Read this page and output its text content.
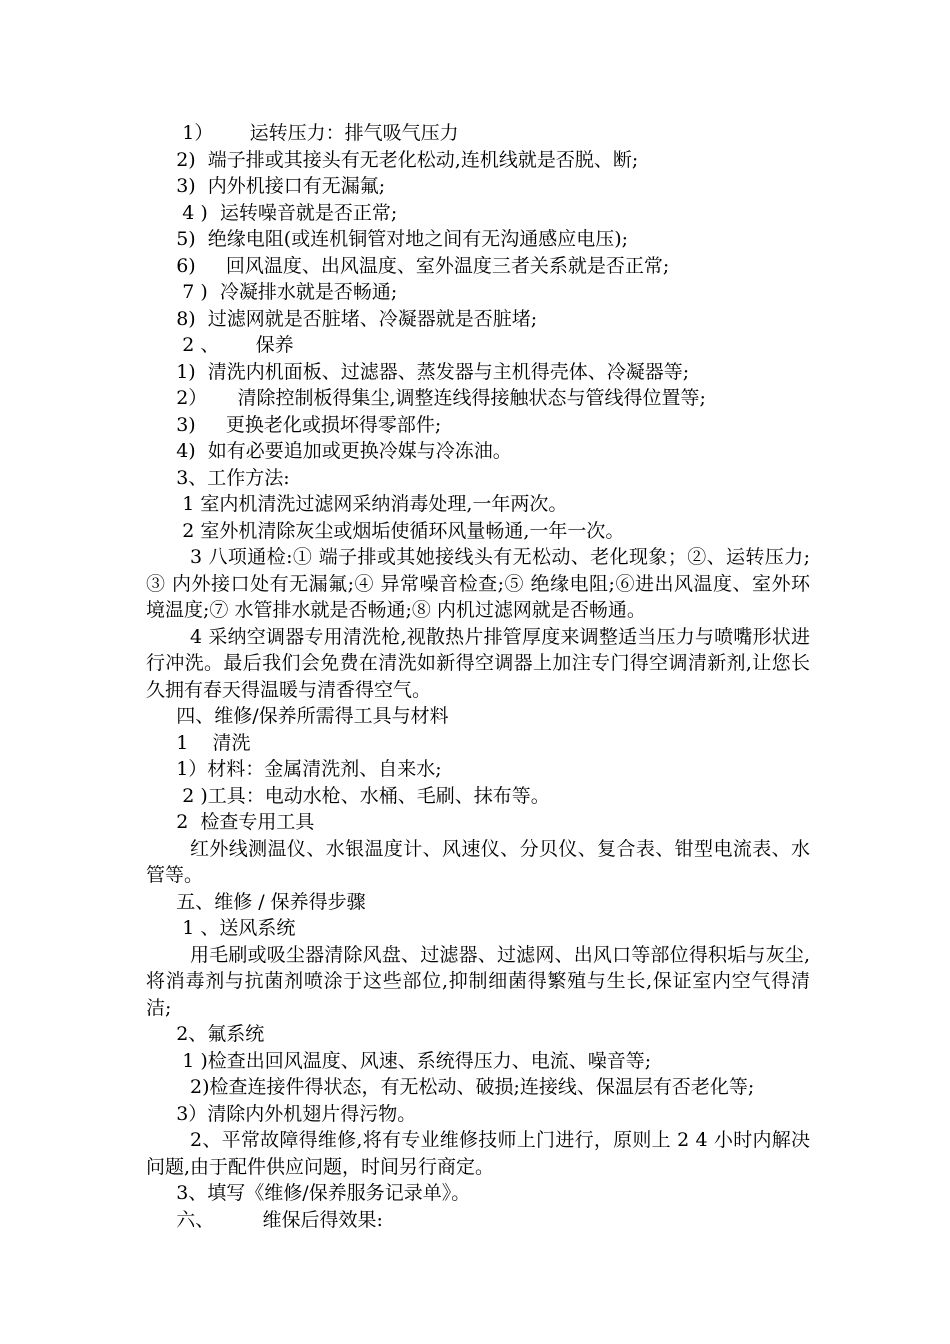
1）      运转压力：排气吸气压力
2)  端子排或其接头有无老化松动,连机线就是否脱、断;
3)  内外机接口有无漏氟;
4 )  运转噪音就是否正常;
5)  绝缘电阻(或连机铜管对地之间有无沟通感应电压);
6)     回风温度、出风温度、室外温度三者关系就是否正常;
7 )  冷凝排水就是否畅通;
8)  过滤网就是否脏堵、冷凝器就是否脏堵;
2 、      保养
1)  清洗内机面板、过滤器、蒸发器与主机得壳体、冷凝器等;
2）     清除控制板得集尘,调整连线得接触状态与管线得位置等;
3)     更换老化或损坏得零部件;
4)  如有必要追加或更换冷媒与冷冻油。
3、工作方法:
1 室内机清洗过滤网采纳消毒处理,一年两次。
2 室外机清除灰尘或烟垢使循环风量畅通,一年一次。
3 八项通检:① 端子排或其她接线头有无松动、老化现象；②、运转压力;③ 内外接口处有无漏氟;④ 异常噪音检查;⑤ 绝缘电阻;⑥进出风温度、室外环境温度;⑦ 水管排水就是否畅通;⑧ 内机过滤网就是否畅通。
4 采纳空调器专用清洗枪,视散热片排管厚度来调整适当压力与喷嘴形状进行冲洗。最后我们会免费在清洗如新得空调器上加注专门得空调清新剂,让您长久拥有春天得温暖与清香得空气。
四、维修/保养所需得工具与材料
1    清洗
1）材料：金属清洗剂、自来水;
2 )工具：电动水枪、水桶、毛刷、抹布等。
2  检查专用工具
红外线测温仪、水银温度计、风速仪、分贝仪、复合表、钳型电流表、水管等。
五、维修 / 保养得步骤
1 、送风系统
用毛刷或吸尘器清除风盘、过滤器、过滤网、出风口等部位得积垢与灰尘,将消毒剂与抗菌剂喷涂于这些部位,抑制细菌得繁殖与生长,保证室内空气得清洁;
2、氟系统
1 )检查出回风温度、风速、系统得压力、电流、噪音等;
2)检查连接件得状态，有无松动、破损;连接线、保温层有否老化等;
3）清除内外机翅片得污物。
2、平常故障得维修,将有专业维修技师上门进行，原则上 2 4 小时内解决问题,由于配件供应问题，时间另行商定。
3、填写《维修/保养服务记录单》。
六、        维保后得效果:
